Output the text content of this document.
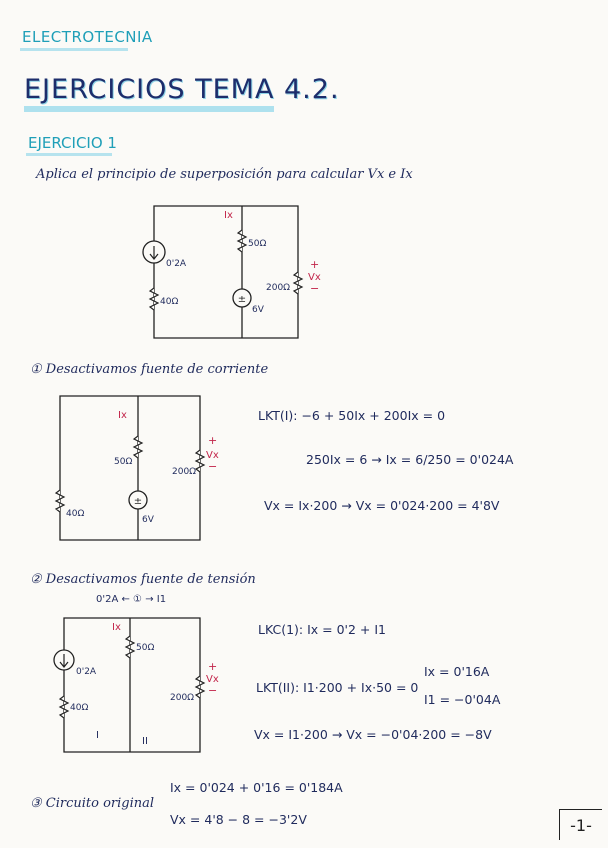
ELECTROTECNIA
EJERCICIOS TEMA 4.2.
EJERCICIO 1
Aplica el principio de superposición para calcular Vx e Ix
±
0'2A
40Ω
50Ω
6V
200Ω
Ix
+
Vx
−
① Desactivamos fuente de corriente
±
40Ω
50Ω
6V
200Ω
Ix
+
Vx
−
LKT(I): −6 + 50Ix + 200Ix = 0
250Ix = 6 → Ix = 6/250 = 0'024A
Vx = Ix·200 → Vx = 0'024·200 = 4'8V
② Desactivamos fuente de tensión
0'2A ← ① → I1
0'2A
40Ω
50Ω
200Ω
Ix
+
Vx
−
I
II
LKC(1): Ix = 0'2 + I1
LKT(II): I1·200 + Ix·50 = 0
Ix = 0'16A
I1 = −0'04A
Vx = I1·200 → Vx = −0'04·200 = −8V
③ Circuito original
Ix = 0'024 + 0'16 = 0'184A
Vx = 4'8 − 8 = −3'2V	-1-
